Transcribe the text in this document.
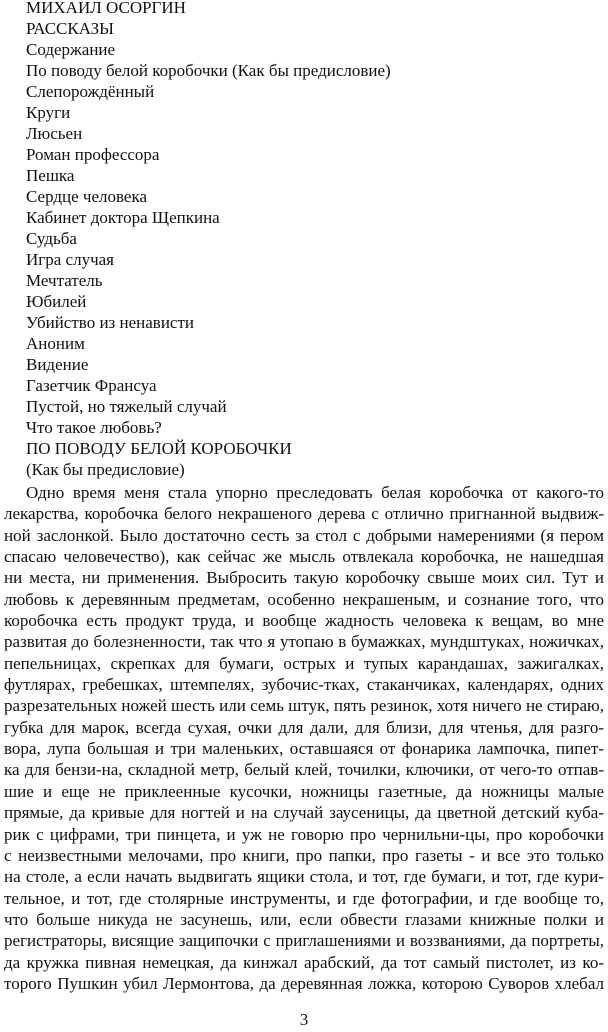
МИХАИЛ ОСОРГИН
РАССКАЗЫ
Содержание
По поводу белой коробочки (Как бы предисловие)
Слепорождённый
Круги
Люсьен
Роман профессора
Пешка
Сердце человека
Кабинет доктора Щепкина
Судьба
Игра случая
Мечтатель
Юбилей
Убийство из ненависти
Аноним
Видение
Газетчик Франсуа
Пустой, но тяжелый случай
Что такое любовь?
ПО ПОВОДУ БЕЛОЙ КОРОБОЧКИ
(Как бы предисловие)
Одно время меня стала упорно преследовать белая коробочка от какого-то
лекарства, коробочка белого некрашеного дерева с отлично пригнанной выдвиж-
ной заслонкой. Было достаточно сесть за стол с добрыми намерениями (я пером
спасаю человечество), как сейчас же мысль отвлекала коробочка, не нашедшая
ни места, ни применения. Выбросить такую коробочку свыше моих сил. Тут и
любовь к деревянным предметам, особенно некрашеным, и сознание того, что
коробочка есть продукт труда, и вообще жадность человека к вещам, во мне
развитая до болезненности, так что я утопаю в бумажках, мундштуках, ножичках,
пепельницах, скрепках для бумаги, острых и тупых карандашах, зажигалках,
футлярах, гребешках, штемпелях, зубочис-тках, стаканчиках, календарях, одних
разрезательных ножей шесть или семь штук, пять резинок, хотя ничего не стираю,
губка для марок, всегда сухая, очки для дали, для близи, для чтенья, для разго-
вора, лупа большая и три маленьких, оставшаяся от фонарика лампочка, пипет-
ка для бензи-на, складной метр, белый клей, точилки, ключики, от чего-то отпав-
шие и еще не приклеенные кусочки, ножницы газетные, да ножницы малые
прямые, да кривые для ногтей и на случай заусеницы, да цветной детский куба-
рик с цифрами, три пинцета, и уж не говорю про чернильни-цы, про коробочки
с неизвестными мелочами, про книги, про папки, про газеты - и все это только
на столе, а если начать выдвигать ящики стола, и тот, где бумаги, и тот, где кури-
тельное, и тот, где столярные инструменты, и где фотографии, и где вообще то,
что больше никуда не засунешь, или, если обвести глазами книжные полки и
регистраторы, висящие защипочки с приглашениями и воззваниями, да портреты,
да кружка пивная немецкая, да кинжал арабский, да тот самый пистолет, из ко-
торого Пушкин убил Лермонтова, да деревянная ложка, которою Суворов хлебал
3
